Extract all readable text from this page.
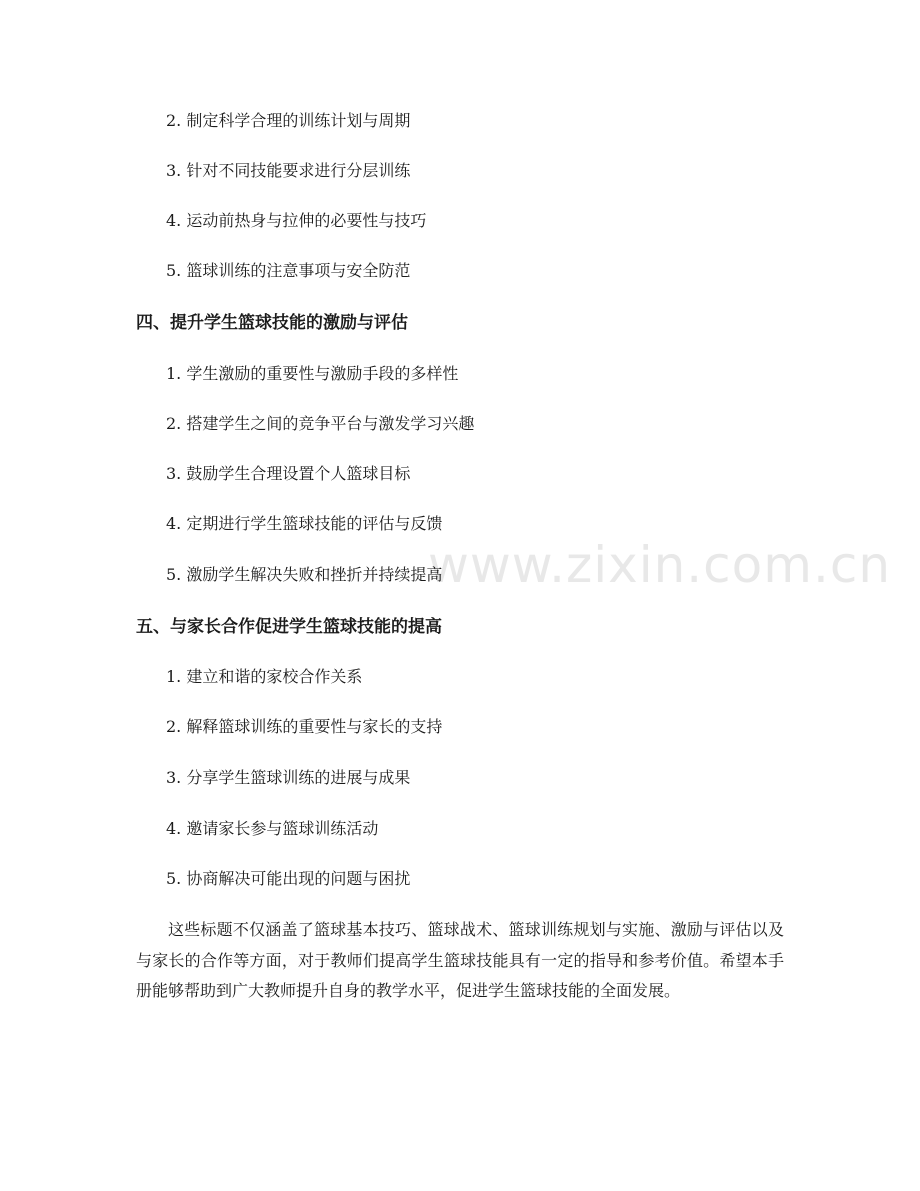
www.zixin.com.cn
2. 制定科学合理的训练计划与周期
3. 针对不同技能要求进行分层训练
4. 运动前热身与拉伸的必要性与技巧
5. 篮球训练的注意事项与安全防范
四、提升学生篮球技能的激励与评估
1. 学生激励的重要性与激励手段的多样性
2. 搭建学生之间的竞争平台与激发学习兴趣
3. 鼓励学生合理设置个人篮球目标
4. 定期进行学生篮球技能的评估与反馈
5. 激励学生解决失败和挫折并持续提高
五、与家长合作促进学生篮球技能的提高
1. 建立和谐的家校合作关系
2. 解释篮球训练的重要性与家长的支持
3. 分享学生篮球训练的进展与成果
4. 邀请家长参与篮球训练活动
5. 协商解决可能出现的问题与困扰

这些标题不仅涵盖了篮球基本技巧、篮球战术、篮球训练规划与实施、激励与评估以及与家长的合作等方面，对于教师们提高学生篮球技能具有一定的指导和参考价值。希望本手册能够帮助到广大教师提升自身的教学水平，促进学生篮球技能的全面发展。
